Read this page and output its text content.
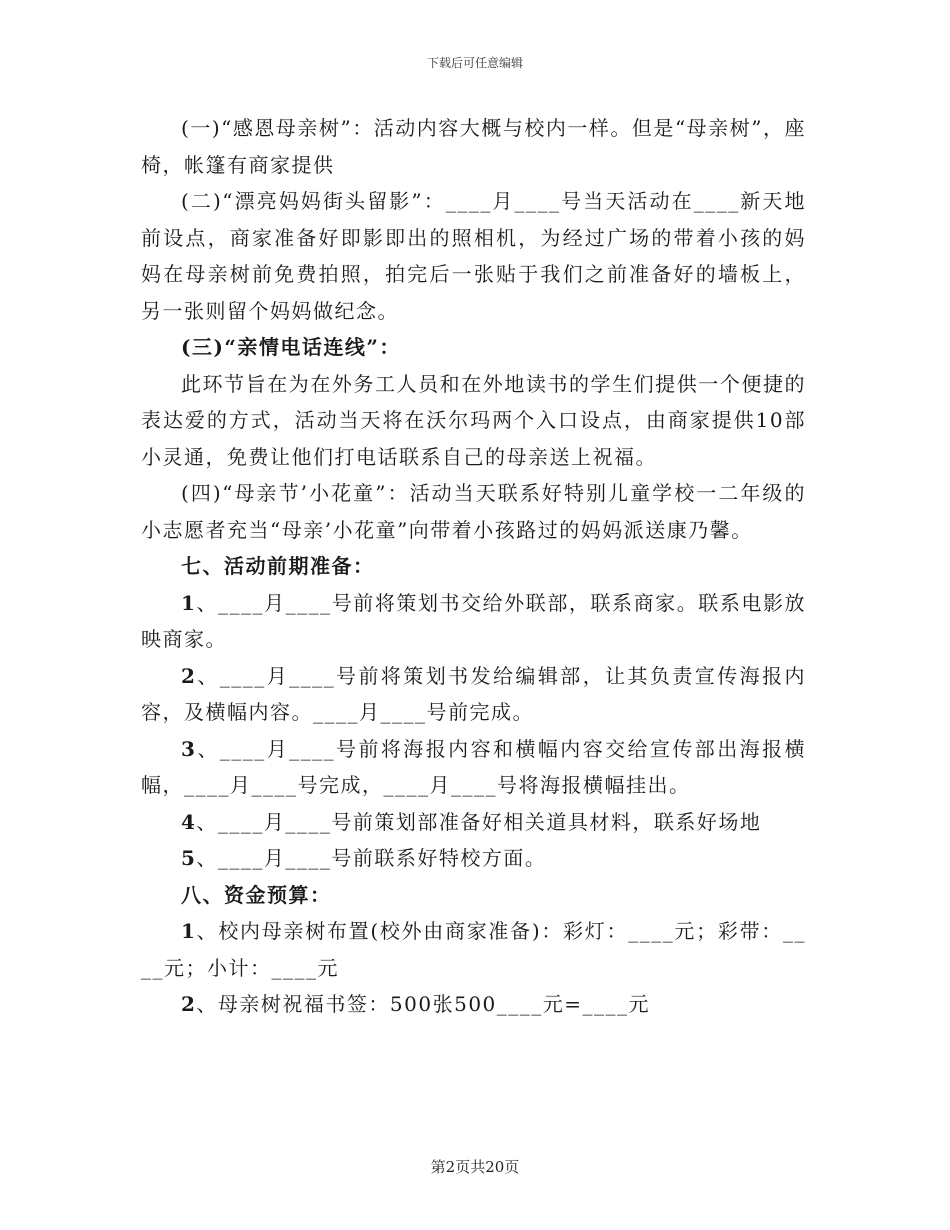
下载后可任意编辑

(一)“感恩母亲树”：活动内容大概与校内一样。但是“母亲树”，座椅，帐篷有商家提供

(二)“漂亮妈妈街头留影”：____月____号当天活动在____新天地前设点，商家准备好即影即出的照相机，为经过广场的带着小孩的妈妈在母亲树前免费拍照，拍完后一张贴于我们之前准备好的墙板上，另一张则留个妈妈做纪念。

(三)“亲情电话连线”：

此环节旨在为在外务工人员和在外地读书的学生们提供一个便捷的表达爱的方式，活动当天将在沃尔玛两个入口设点，由商家提供10部小灵通，免费让他们打电话联系自己的母亲送上祝福。

(四)“母亲节’小花童”：活动当天联系好特别儿童学校一二年级的小志愿者充当“母亲’小花童”向带着小孩路过的妈妈派送康乃馨。

七、活动前期准备：

1、____月____号前将策划书交给外联部，联系商家。联系电影放映商家。

2、____月____号前将策划书发给编辑部，让其负责宣传海报内容，及横幅内容。____月____号前完成。

3、____月____号前将海报内容和横幅内容交给宣传部出海报横幅，____月____号完成，____月____号将海报横幅挂出。

4、____月____号前策划部准备好相关道具材料，联系好场地

5、____月____号前联系好特校方面。

八、资金预算：

1、校内母亲树布置(校外由商家准备)：彩灯：____元；彩带：____元；小计：____元

2、母亲树祝福书签：500张500____元=____元

第2页共20页
